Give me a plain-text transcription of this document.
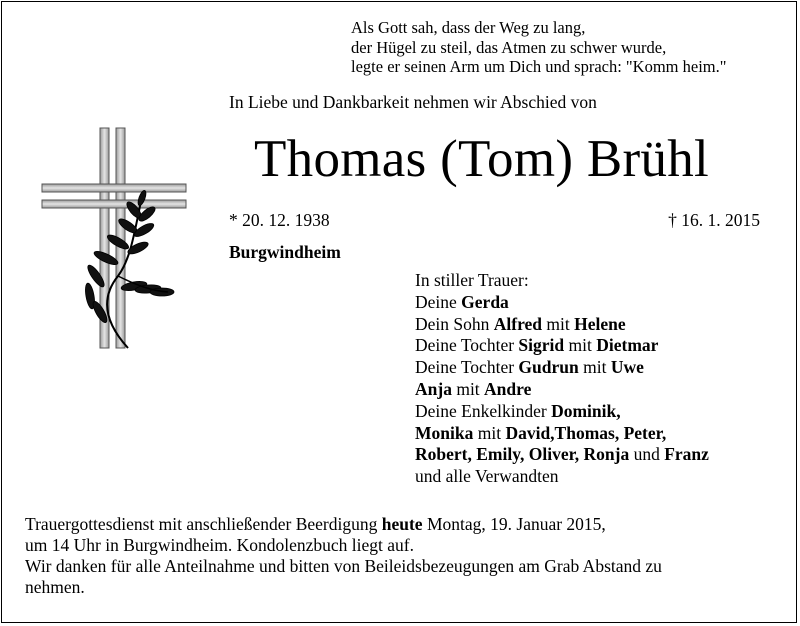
Als Gott sah, dass der Weg zu lang,
der Hügel zu steil, das Atmen zu schwer wurde,
legte er seinen Arm um Dich und sprach: "Komm heim."
In Liebe und Dankbarkeit nehmen wir Abschied von
Thomas (Tom) Brühl
* 20. 12. 1938	† 16. 1. 2015
Burgwindheim
In stiller Trauer:
Deine Gerda
Dein Sohn Alfred mit Helene
Deine Tochter Sigrid mit Dietmar
Deine Tochter Gudrun mit Uwe
Anja mit Andre
Deine Enkelkinder Dominik,
Monika mit David,Thomas, Peter,
Robert, Emily, Oliver, Ronja und Franz
und alle Verwandten
Trauergottesdienst mit anschließender Beerdigung heute Montag, 19. Januar 2015,
um 14 Uhr in Burgwindheim. Kondolenzbuch liegt auf.
Wir danken für alle Anteilnahme und bitten von Beileidsbezeugungen am Grab Abstand zu
nehmen.
